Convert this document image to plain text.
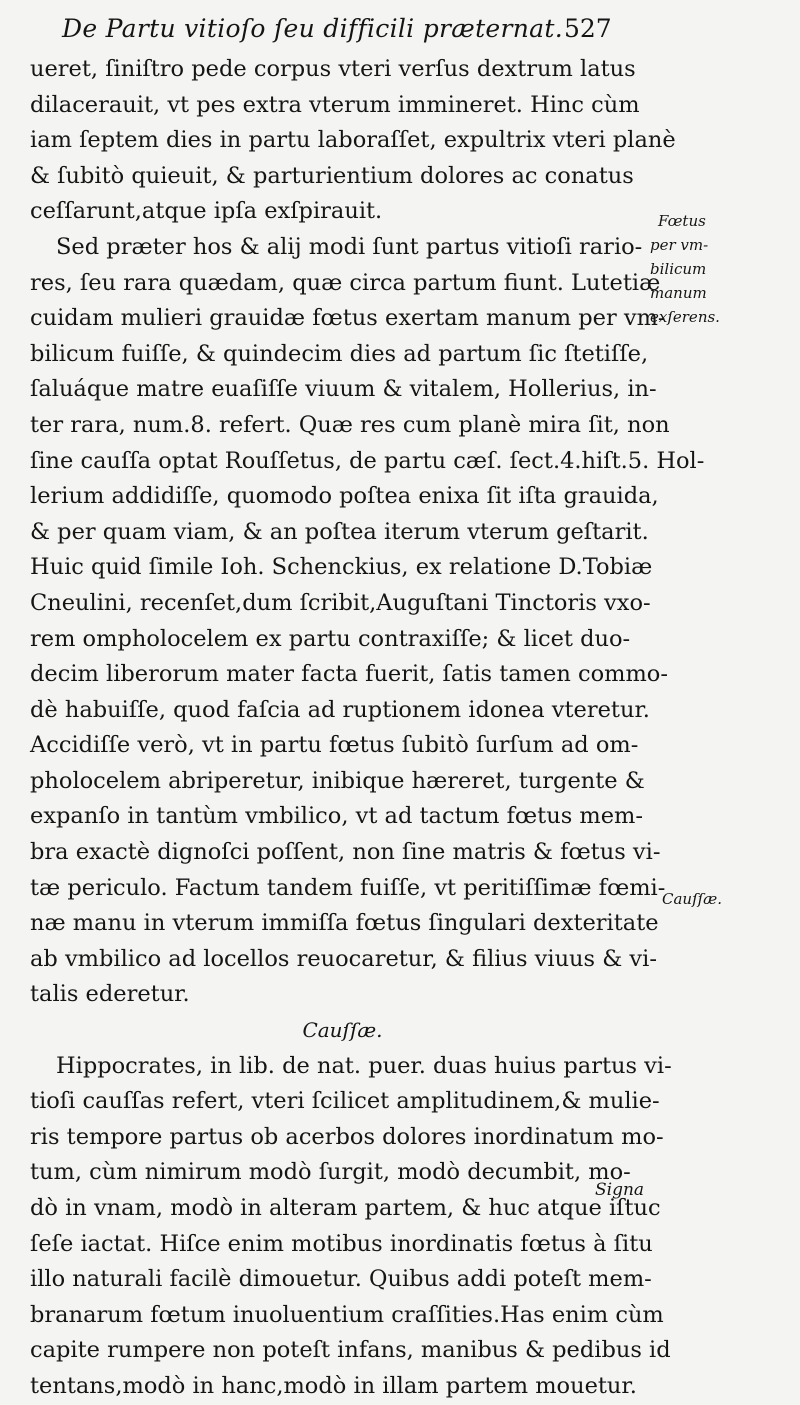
De Partu vitioſo ſeu difficili præternat. 527
ueret, ſiniſtro pede corpus vteri verſus dextrum latus
dilacerauit, vt pes extra vterum immineret. Hinc cùm
iam ſeptem dies in partu laboraſſet, expultrix vteri planè
& ſubitò quieuit, & parturientium dolores ac conatus
ceſſarunt,atque ipſa exſpirauit.
Sed præter hos & alij modi ſunt partus vitioſi rario-
res, ſeu rara quædam, quæ circa partum fiunt. Lutetiæ
cuidam mulieri grauidæ fœtus exertam manum per vm-
bilicum fuiſſe, & quindecim dies ad partum ſic ſtetiſſe,
ſaluáque matre euaſiſſe viuum & vitalem, Hollerius, in-
ter rara, num.8. refert. Quæ res cum planè mira ſit, non
ſine cauſſa optat Rouſſetus, de partu cæſ. ſect.4.hiſt.5. Hol-
lerium addidiſſe, quomodo poſtea enixa ſit iſta grauida,
& per quam viam, & an poſtea iterum vterum geſtarit.
Huic quid ſimile Ioh. Schenckius, ex relatione D.Tobiæ
Cneulini, recenſet,dum ſcribit,Auguſtani Tinctoris vxo-
rem ompholocelem ex partu contraxiſſe; & licet duo-
decim liberorum mater facta fuerit, ſatis tamen commo-
dè habuiſſe, quod faſcia ad ruptionem idonea vteretur.
Accidiſſe verò, vt in partu fœtus ſubitò ſurſum ad om-
pholocelem abriperetur, inibique hæreret, turgente &
expanſo in tantùm vmbilico, vt ad tactum fœtus mem-
bra exactè dignoſci poſſent, non ſine matris & fœtus vi-
tæ periculo. Factum tandem fuiſſe, vt peritiſſimæ fœmi-
næ manu in vterum immiſſa fœtus ſingulari dexteritate
ab vmbilico ad locellos reuocaretur, & filius viuus & vi-
talis ederetur.
Cauſſæ.
Hippocrates, in lib. de nat. puer. duas huius partus vi-
tioſi cauſſas refert, vteri ſcilicet amplitudinem,& mulie-
ris tempore partus ob acerbos dolores inordinatum mo-
tum, cùm nimirum modò ſurgit, modò decumbit, mo-
dò in vnam, modò in alteram partem, & huc atque iſtuc
ſeſe iactat. Hiſce enim motibus inordinatis fœtus à ſitu
illo naturali facilè dimouetur. Quibus addi poteſt mem-
branarum fœtum inuoluentium craſſities.Has enim cùm
capite rumpere non poteſt infans, manibus & pedibus id
tentans,modò in hanc,modò in illam partem mouetur.
Fœtus
per vm-
bilicum
manum
exſerens.
Cauſſæ.
Signa
